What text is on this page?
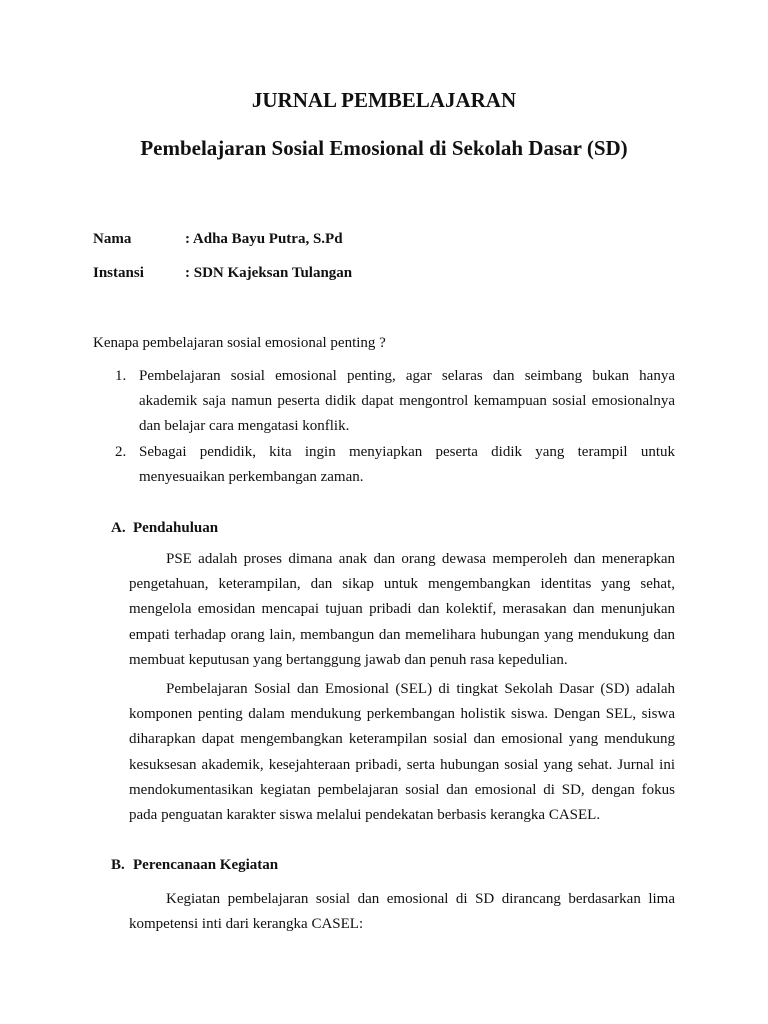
JURNAL PEMBELAJARAN
Pembelajaran Sosial Emosional di Sekolah Dasar (SD)
Nama	: Adha Bayu Putra, S.Pd
Instansi	: SDN Kajeksan Tulangan
Kenapa pembelajaran sosial emosional penting ?
1. Pembelajaran sosial emosional penting, agar selaras dan seimbang bukan hanya akademik saja namun peserta didik dapat mengontrol kemampuan sosial emosionalnya dan belajar cara mengatasi konflik.
2. Sebagai pendidik, kita ingin menyiapkan peserta didik yang terampil untuk menyesuaikan perkembangan zaman.
A. Pendahuluan

PSE adalah proses dimana anak dan orang dewasa memperoleh dan menerapkan pengetahuan, keterampilan, dan sikap untuk mengembangkan identitas yang sehat, mengelola emosidan mencapai tujuan pribadi dan kolektif, merasakan dan menunjukan empati terhadap orang lain, membangun dan memelihara hubungan yang mendukung dan membuat keputusan yang bertanggung jawab dan penuh rasa kepedulian.

Pembelajaran Sosial dan Emosional (SEL) di tingkat Sekolah Dasar (SD) adalah komponen penting dalam mendukung perkembangan holistik siswa. Dengan SEL, siswa diharapkan dapat mengembangkan keterampilan sosial dan emosional yang mendukung kesuksesan akademik, kesejahteraan pribadi, serta hubungan sosial yang sehat. Jurnal ini mendokumentasikan kegiatan pembelajaran sosial dan emosional di SD, dengan fokus pada penguatan karakter siswa melalui pendekatan berbasis kerangka CASEL.

B. Perencanaan Kegiatan

Kegiatan pembelajaran sosial dan emosional di SD dirancang berdasarkan lima kompetensi inti dari kerangka CASEL:
